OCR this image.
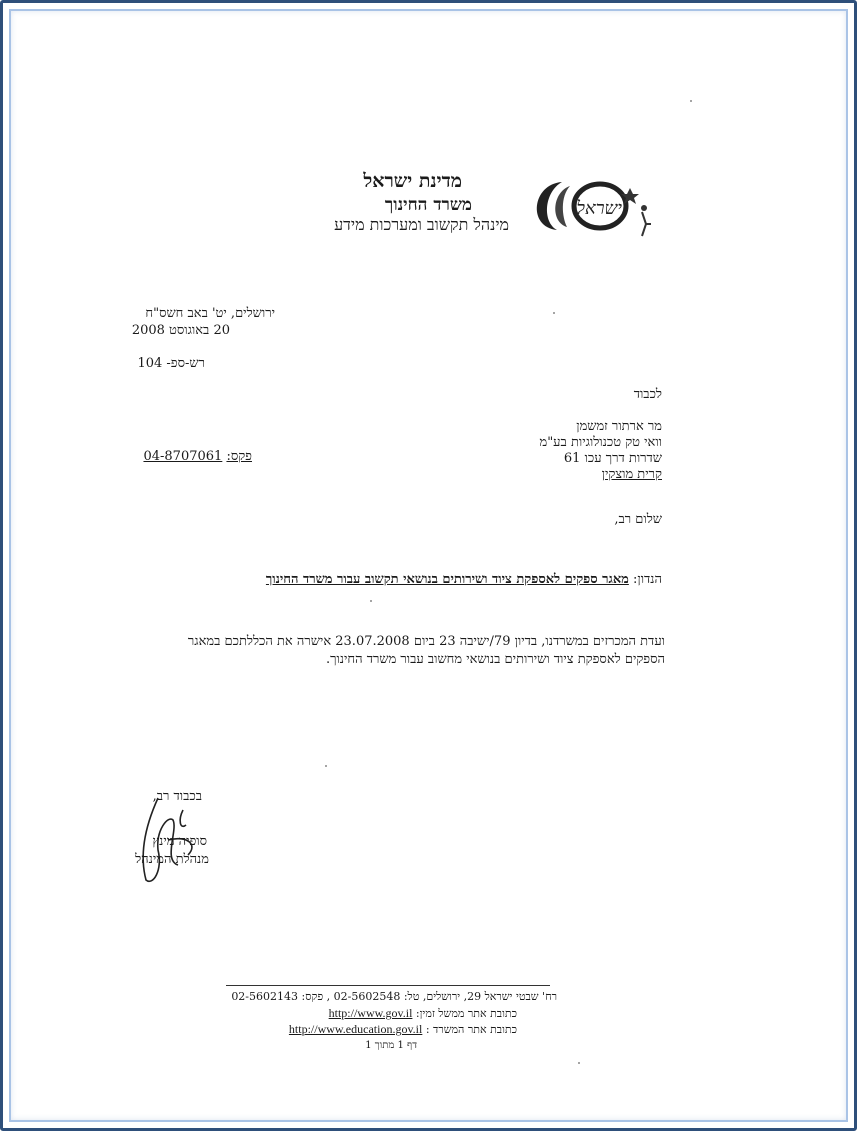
ישראל
מדינת ישראל
משרד החינוך
מינהל תקשוב ומערכות מידע
ירושלים, יט' באב חשס"ח
20 באוגוסט 2008
רש-ספ- 104
לכבוד
מר ארתור זמשמן
וואי טק טכנולוגיות בע"מ
שדרות דרך עכו 61
קרית מוצקין
פקס: 04-8707061
שלום רב,
הנדון: מאגר ספקים לאספקת ציוד ושירותים בנושאי תקשוב עבור משרד החינוך
ועדת המכרזים במשרדנו, בדיון 79/ישיבה 23 ביום 23.07.2008 אישרה את הכללתכם במאגר
הספקים לאספקת ציוד ושירותים בנושאי מחשוב עבור משרד החינוך.
בכבוד רב,
סופיה מינץ
מנהלת המינהל
רח' שבטי ישראל 29, ירושלים, טל: 02-5602548 , פקס: 02-5602143
כתובת אתר ממשל זמין: http://www.gov.il
כתובת אתר המשרד : http://www.education.gov.il
דף 1 מתוך 1
